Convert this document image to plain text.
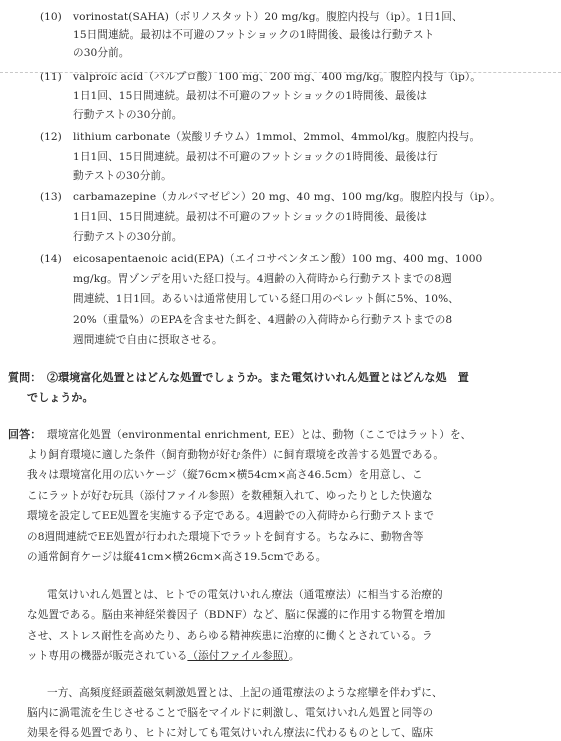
(10) vorinostat(SAHA)（ボリノスタット）20 mg/kg。腹腔内投与（ip）。1日1回、
15日間連続。最初は不可避のフットショックの1時間後、最後は行動テスト
の30分前。
(11) valproic acid（バルプロ酸）100 mg、200 mg、400 mg/kg。腹腔内投与（ip）。
1日1回、15日間連続。最初は不可避のフットショックの1時間後、最後は
行動テストの30分前。
(12) lithium carbonate（炭酸リチウム）1mmol、2mmol、4mmol/kg。腹腔内投与。
1日1回、15日間連続。最初は不可避のフットショックの1時間後、最後は行
動テストの30分前。
(13) carbamazepine（カルバマゼピン）20 mg、40 mg、100 mg/kg。腹腔内投与（ip）。
1日1回、15日間連続。最初は不可避のフットショックの1時間後、最後は
行動テストの30分前。
(14) eicosapentaenoic acid(EPA)（エイコサペンタエン酸）100 mg、400 mg、1000
mg/kg。胃ゾンデを用いた経口投与。4週齢の入荷時から行動テストまでの8週
間連続、1日1回。あるいは通常使用している経口用のペレット餌に5%、10%、
20%（重量%）のEPAを含ませた餌を、4週齢の入荷時から行動テストまでの8
週間連続で自由に摂取させる。
質問： ②環境富化処置とはどんな処置でしょうか。また電気けいれん処置とはどんな処　置
でしょうか。
回答： 環境富化処置（environmental enrichment, EE）とは、動物（ここではラット）を、
より飼育環境に適した条件（飼育動物が好む条件）に飼育環境を改善する処置である。
我々は環境富化用の広いケージ（縦76cm×横54cm×高さ46.5cm）を用意し、こ
こにラットが好む玩具（添付ファイル参照）を数種類入れて、ゆったりとした快適な
環境を設定してEE処置を実施する予定である。4週齢での入荷時から行動テストまで
の8週間連続でEE処置が行われた環境下でラットを飼育する。ちなみに、動物舎等
の通常飼育ケージは縦41cm×横26cm×高さ19.5cmである。
電気けいれん処置とは、ヒトでの電気けいれん療法（通電療法）に相当する治療的
な処置である。脳由来神経栄養因子（BDNF）など、脳に保護的に作用する物質を増加
させ、ストレス耐性を高めたり、あらゆる精神疾患に治療的に働くとされている。ラ
ット専用の機器が販売されている（添付ファイル参照）。
一方、高頻度経頭蓋磁気刺激処置とは、上記の通電療法のような痙攣を伴わずに、
脳内に渦電流を生じさせることで脳をマイルドに刺激し、電気けいれん処置と同等の
効果を得る処置であり、ヒトに対しても電気けいれん療法に代わるものとして、臨床
